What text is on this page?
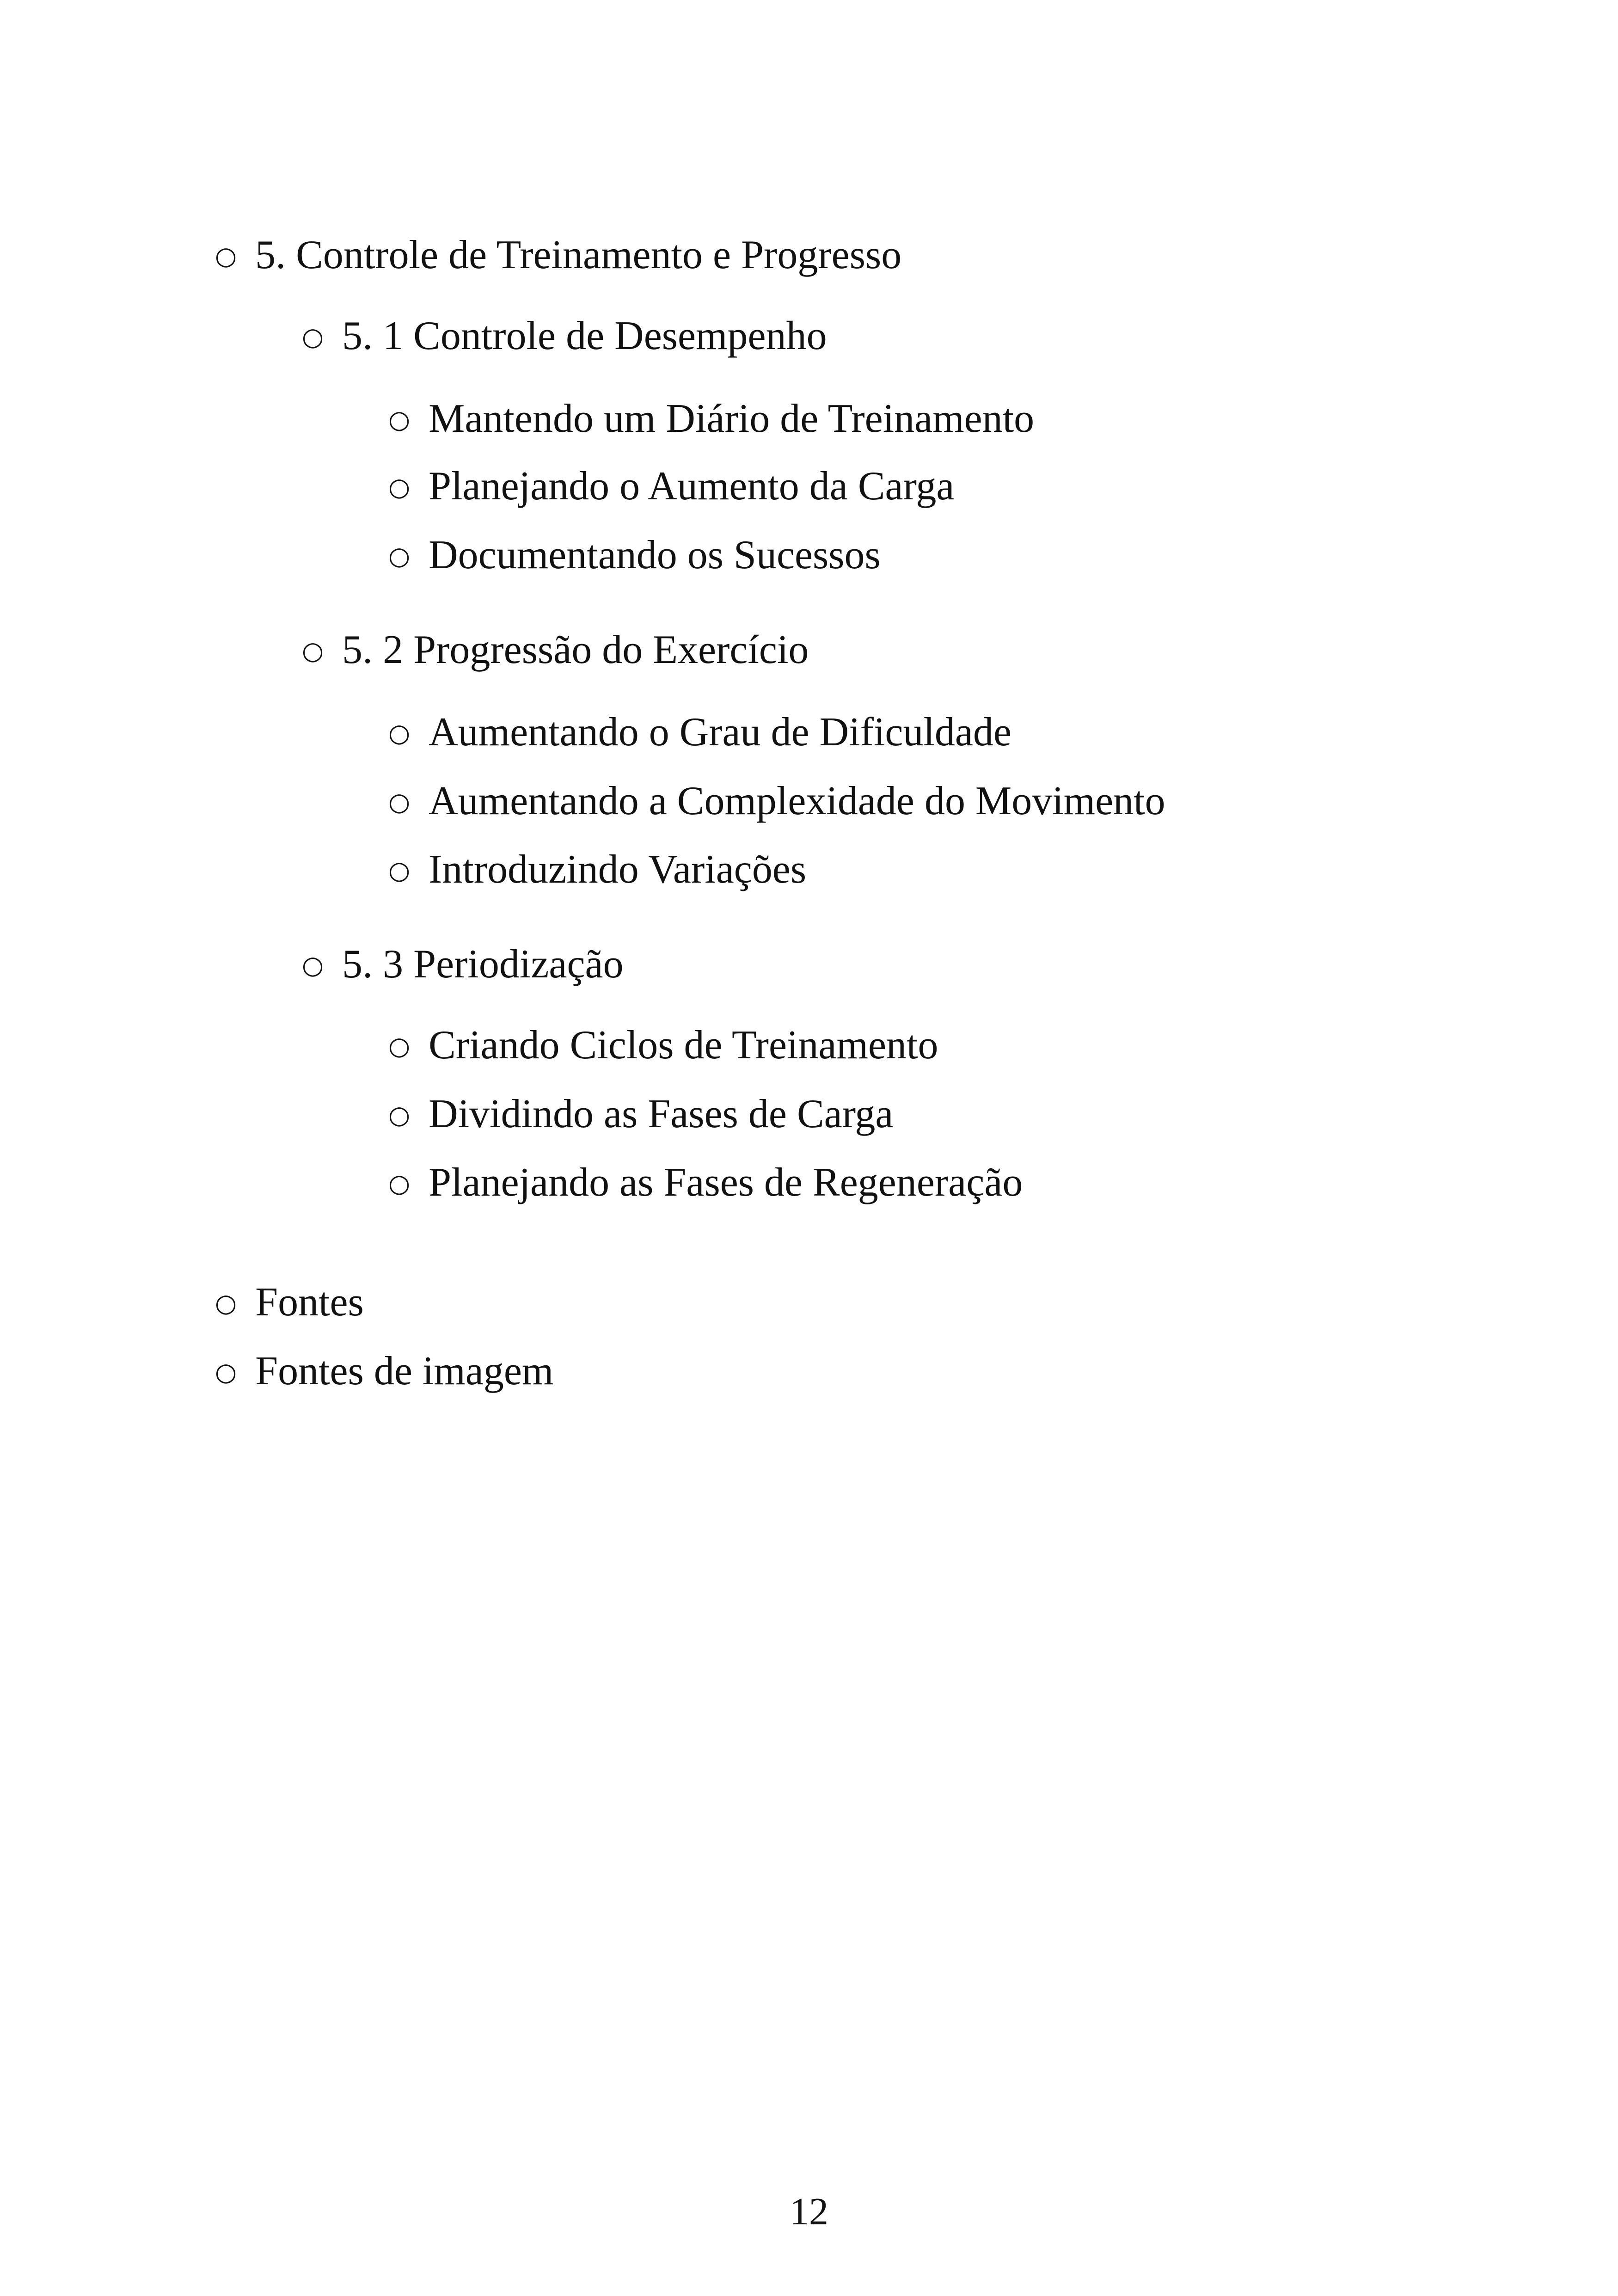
○ 5. Controle de Treinamento e Progresso
○ 5. 1 Controle de Desempenho
○ Mantendo um Diário de Treinamento
○ Planejando o Aumento da Carga
○ Documentando os Sucessos
○ 5. 2 Progressão do Exercício
○ Aumentando o Grau de Dificuldade
○ Aumentando a Complexidade do Movimento
○ Introduzindo Variações
○ 5. 3 Periodização
○ Criando Ciclos de Treinamento
○ Dividindo as Fases de Carga
○ Planejando as Fases de Regeneração
○ Fontes
○ Fontes de imagem
12
